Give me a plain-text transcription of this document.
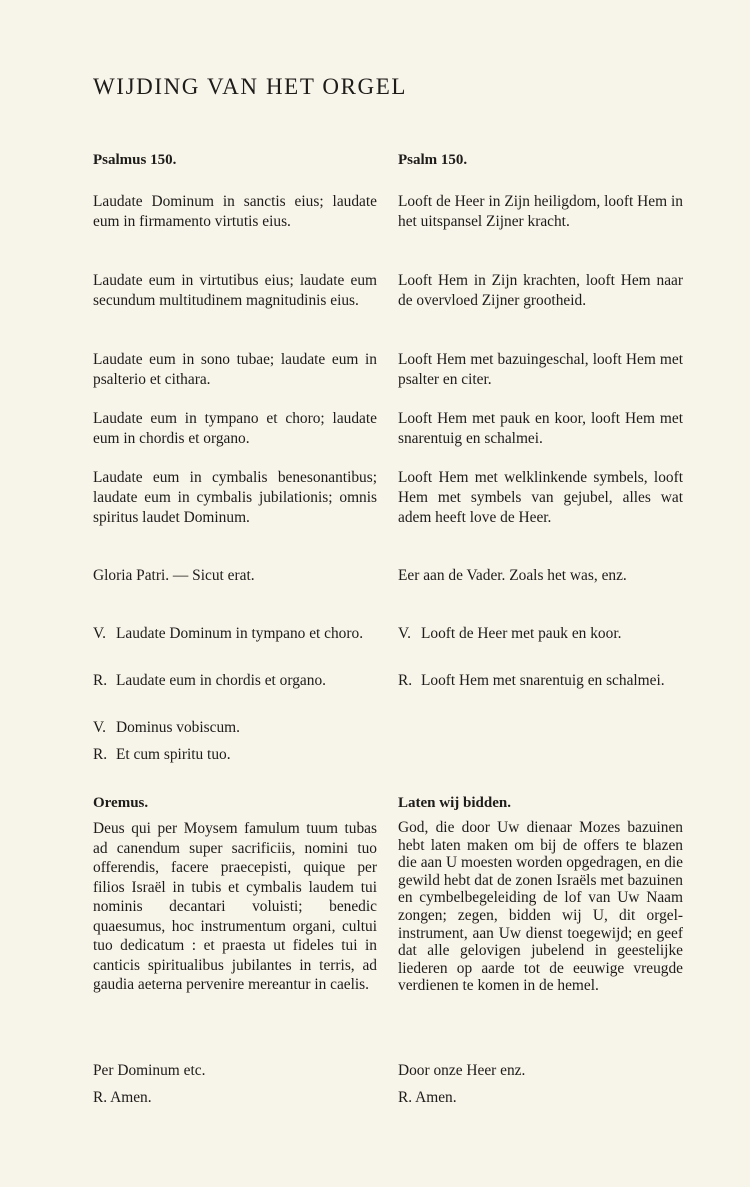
WIJDING VAN HET ORGEL
Psalmus 150.
Laudate Dominum in sanctis eius; laudate eum in firmamento virtutis eius.
Laudate eum in virtutibus eius; laudate eum secundum multitudinem magnitudinis eius.
Laudate eum in sono tubae; laudate eum in psalterio et cithara.
Laudate eum in tympano et choro; laudate eum in chordis et organo.
Laudate eum in cymbalis benesonantibus; laudate eum in cymbalis jubilationis; omnis spiritus laudet Dominum.
Gloria Patri. — Sicut erat.
V. Laudate Dominum in tympano et choro.
R. Laudate eum in chordis et organo.
V. Dominus vobiscum.
R. Et cum spiritu tuo.
Oremus.
Deus qui per Moysem famulum tuum tubas ad canendum super sacrificiis, nomini tuo offerendis, facere praecepisti, quique per filios Israël in tubis et cymbalis laudem tui nominis decantari voluisti; benedic quaesumus, hoc instrumentum organi, cultui tuo dedicatum : et praesta ut fideles tui in canticis spiritualibus jubilantes in terris, ad gaudia aeterna pervenire mereantur in caelis.
Per Dominum etc.
R. Amen.
Psalm 150.
Looft de Heer in Zijn heiligdom, looft Hem in het uitspansel Zijner kracht.
Looft Hem in Zijn krachten, looft Hem naar de overvloed Zijner grootheid.
Looft Hem met bazuingeschal, looft Hem met psalter en citer.
Looft Hem met pauk en koor, looft Hem met snarentuig en schalmei.
Looft Hem met welklinkende symbels, looft Hem met symbels van gejubel, alles wat adem heeft love de Heer.
Eer aan de Vader. Zoals het was, enz.
V. Looft de Heer met pauk en koor.
R. Looft Hem met snarentuig en schalmei.
Laten wij bidden.
God, die door Uw dienaar Mozes bazuinen hebt laten maken om bij de offers te blazen die aan U moesten worden opgedragen, en die gewild hebt dat de zonen Israëls met bazuinen en cymbelbegeleiding de lof van Uw Naam zongen; zegen, bidden wij U, dit orgel-instrument, aan Uw dienst toegewijd; en geef dat alle gelovigen jubelend in geestelijke liederen op aarde tot de eeuwige vreugde verdienen te komen in de hemel.
Door onze Heer enz.
R. Amen.
